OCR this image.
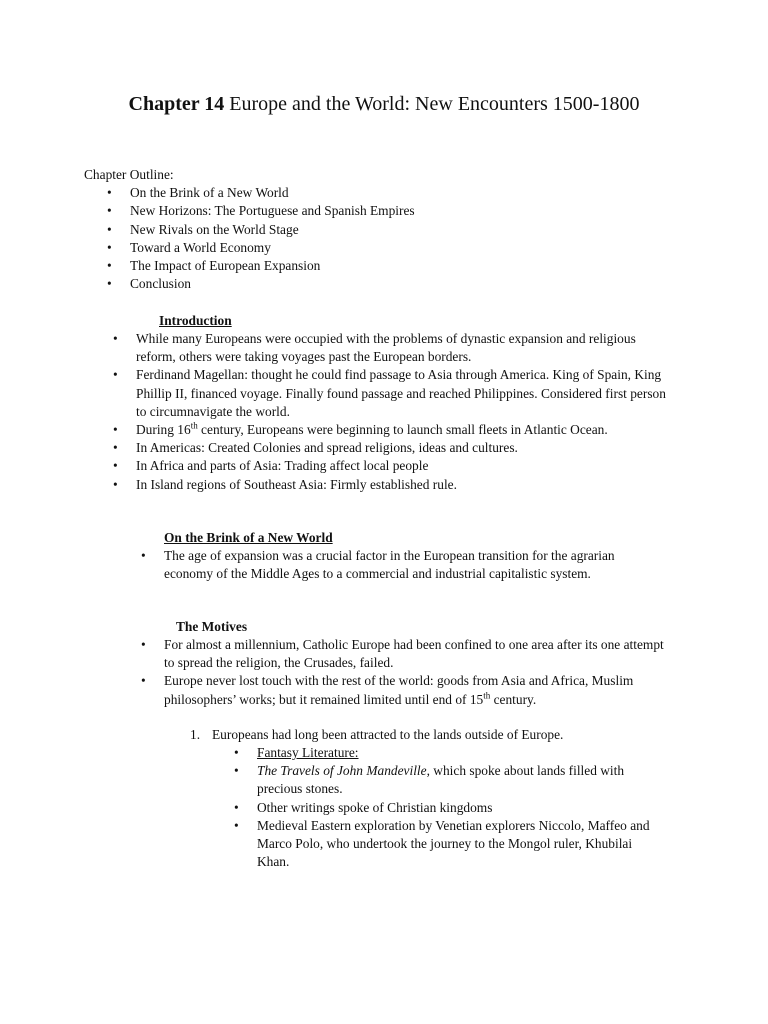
Chapter 14 Europe and the World: New Encounters 1500-1800
Chapter Outline:
• On the Brink of a New World
• New Horizons: The Portuguese and Spanish Empires
• New Rivals on the World Stage
• Toward a World Economy
• The Impact of European Expansion
• Conclusion
Introduction
• While many Europeans were occupied with the problems of dynastic expansion and religious reform, others were taking voyages past the European borders.
• Ferdinand Magellan: thought he could find passage to Asia through America. King of Spain, King Phillip II, financed voyage. Finally found passage and reached Philippines. Considered first person to circumnavigate the world.
• During 16th century, Europeans were beginning to launch small fleets in Atlantic Ocean.
• In Americas: Created Colonies and spread religions, ideas and cultures.
• In Africa and parts of Asia: Trading affect local people
• In Island regions of Southeast Asia: Firmly established rule.
On the Brink of a New World
• The age of expansion was a crucial factor in the European transition for the agrarian economy of the Middle Ages to a commercial and industrial capitalistic system.
The Motives
• For almost a millennium, Catholic Europe had been confined to one area after its one attempt to spread the religion, the Crusades, failed.
• Europe never lost touch with the rest of the world: goods from Asia and Africa, Muslim philosophers’ works; but it remained limited until end of 15th century.
1. Europeans had long been attracted to the lands outside of Europe.
• Fantasy Literature:
• The Travels of John Mandeville, which spoke about lands filled with precious stones.
• Other writings spoke of Christian kingdoms
• Medieval Eastern exploration by Venetian explorers Niccolo, Maffeo and Marco Polo, who undertook the journey to the Mongol ruler, Khubilai Khan.
